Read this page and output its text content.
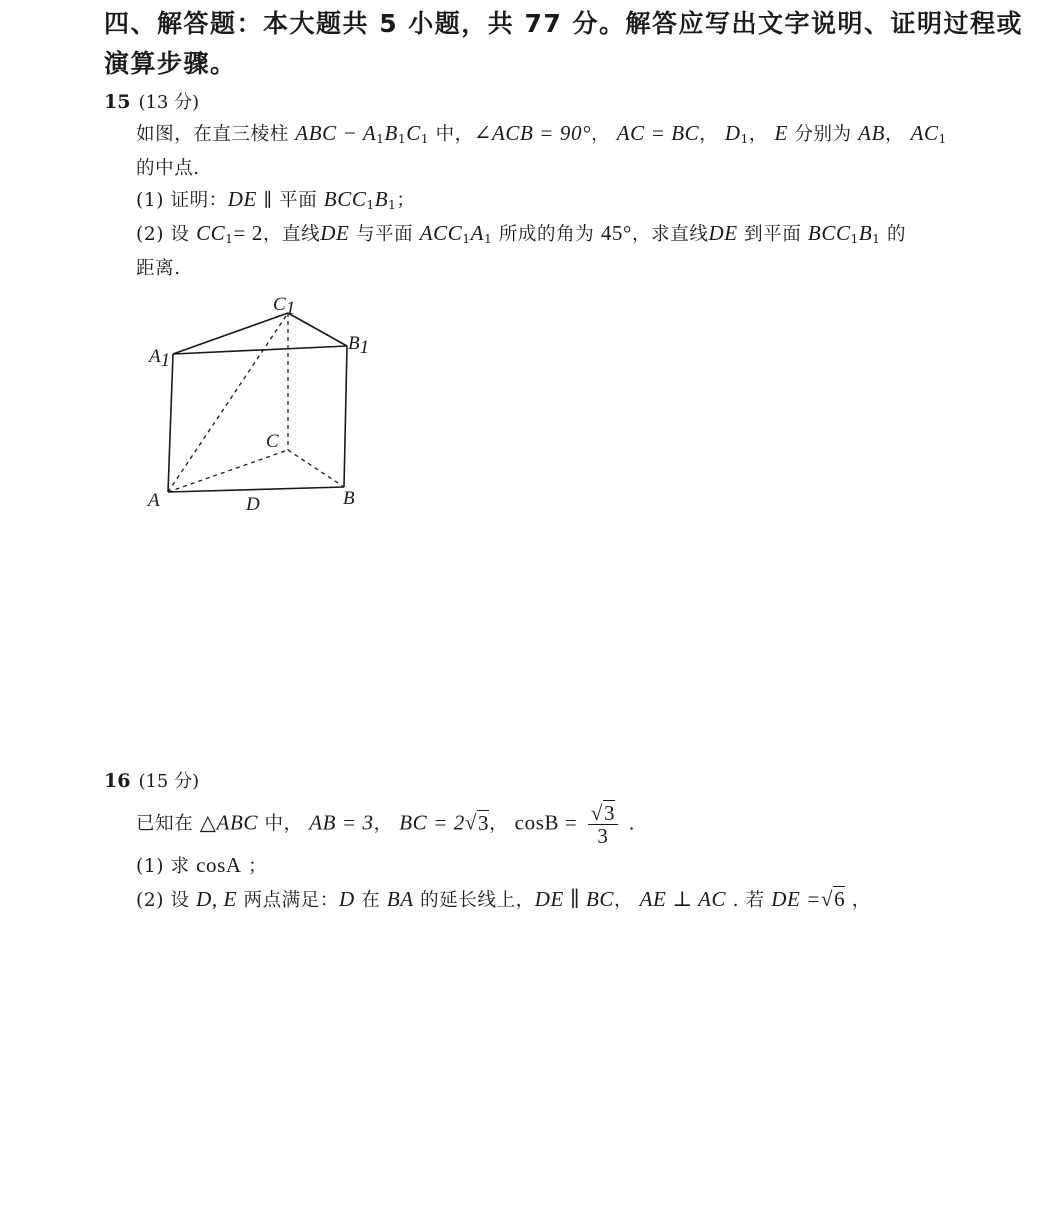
四、解答题：本大题共 5 小题，共 77 分。解答应写出文字说明、证明过程或
演算步骤。
15 (13 分)
如图，在直三棱柱 ABC − $A_1B_1C_1$ 中，∠ACB = 90°， AC = BC， $D_1$， E 分别为 AB， $AC_1$
的中点.
(1) 证明：DE ∥ 平面 $BCC_1B_1$；
(2) 设 $CC_1= 2$，直线DE 与平面 $ACC_1A_1$ 所成的角为 45°，求直线DE 到平面 $BCC_1B_1$ 的
距离.
C1
A1
B1
C
A	B
D
16 (15 分)
已知在 △ABC 中， AB = 3， BC = 2√3， $\cos B = \frac{√3}{3}$ .
(1) 求 cosA ；
(2) 设 D, E 两点满足：D 在 BA 的延长线上，DE ∥ BC， AE ⊥ AC . 若 DE =√6 ，
